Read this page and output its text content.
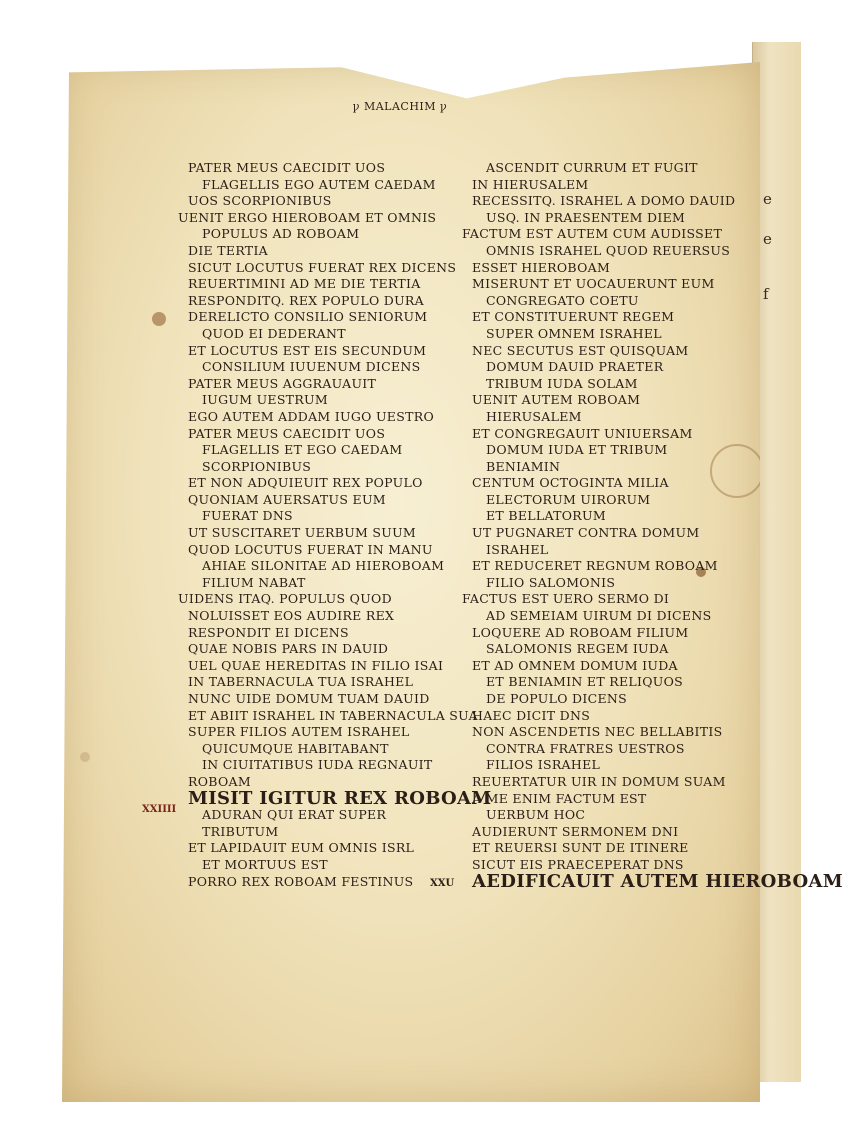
e
e
f
ꝩ MALACHIM ꝩ
PATER MEUS CAECIDIT UOS
FLAGELLIS EGO AUTEM CAEDAM
UOS SCORPIONIBUS
UENIT ERGO HIEROBOAM ET OMNIS
POPULUS AD ROBOAM
DIE TERTIA
SICUT LOCUTUS FUERAT REX DICENS
REUERTIMINI AD ME DIE TERTIA
RESPONDITQ. REX POPULO DURA
DERELICTO CONSILIO SENIORUM
QUOD EI DEDERANT
ET LOCUTUS EST EIS SECUNDUM
CONSILIUM IUUENUM DICENS
PATER MEUS AGGRAUAUIT
IUGUM UESTRUM
EGO AUTEM ADDAM IUGO UESTRO
PATER MEUS CAECIDIT UOS
FLAGELLIS ET EGO CAEDAM
SCORPIONIBUS
ET NON ADQUIEUIT REX POPULO
QUONIAM AUERSATUS EUM
FUERAT DNS
UT SUSCITARET UERBUM SUUM
QUOD LOCUTUS FUERAT IN MANU
AHIAE SILONITAE AD HIEROBOAM
FILIUM NABAT
UIDENS ITAQ. POPULUS QUOD
NOLUISSET EOS AUDIRE REX
RESPONDIT EI DICENS
QUAE NOBIS PARS IN DAUID
UEL QUAE HEREDITAS IN FILIO ISAI
IN TABERNACULA TUA ISRAHEL
NUNC UIDE DOMUM TUAM DAUID
ET ABIIT ISRAHEL IN TABERNACULA SUA
SUPER FILIOS AUTEM ISRAHEL
QUICUMQUE HABITABANT
IN CIUITATIBUS IUDA REGNAUIT
ROBOAM
MISIT IGITUR REX ROBOAM
ADURAN QUI ERAT SUPER
TRIBUTUM
ET LAPIDAUIT EUM OMNIS ISRL
ET MORTUUS EST
PORRO REX ROBOAM FESTINUS
XXIIII
ASCENDIT CURRUM ET FUGIT
IN HIERUSALEM
RECESSITQ. ISRAHEL A DOMO DAUID
USQ. IN PRAESENTEM DIEM
FACTUM EST AUTEM CUM AUDISSET
OMNIS ISRAHEL QUOD REUERSUS
ESSET HIEROBOAM
MISERUNT ET UOCAUERUNT EUM
CONGREGATO COETU
ET CONSTITUERUNT REGEM
SUPER OMNEM ISRAHEL
NEC SECUTUS EST QUISQUAM
DOMUM DAUID PRAETER
TRIBUM IUDA SOLAM
UENIT AUTEM ROBOAM
HIERUSALEM
ET CONGREGAUIT UNIUERSAM
DOMUM IUDA ET TRIBUM
BENIAMIN
CENTUM OCTOGINTA MILIA
ELECTORUM UIRORUM
ET BELLATORUM
UT PUGNARET CONTRA DOMUM
ISRAHEL
ET REDUCERET REGNUM ROBOAM
FILIO SALOMONIS
FACTUS EST UERO SERMO DI
AD SEMEIAM UIRUM DI DICENS
LOQUERE AD ROBOAM FILIUM
SALOMONIS REGEM IUDA
ET AD OMNEM DOMUM IUDA
ET BENIAMIN ET RELIQUOS
DE POPULO DICENS
HAEC DICIT DNS
NON ASCENDETIS NEC BELLABITIS
CONTRA FRATRES UESTROS
FILIOS ISRAHEL
REUERTATUR UIR IN DOMUM SUAM
A ME ENIM FACTUM EST
UERBUM HOC
AUDIERUNT SERMONEM DNI
ET REUERSI SUNT DE ITINERE
SICUT EIS PRAECEPERAT DNS
AEDIFICAUIT AUTEM HIEROBOAM
XXU
